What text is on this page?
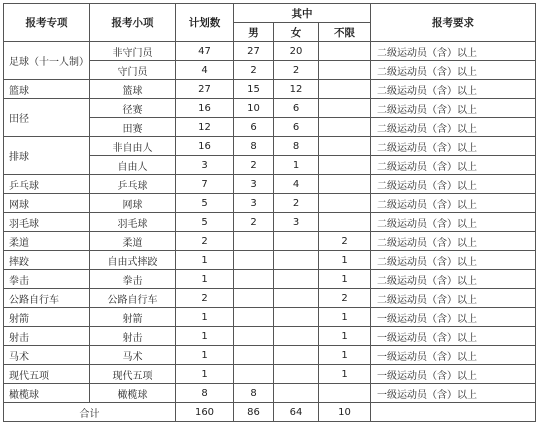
报考专项	报考小项	计划数	其中			报考要求
			男	女	不限	
足球（十一人制）	非守门员	47	27	20		二级运动员（含）以上
	守门员	4	2	2		二级运动员（含）以上
篮球	篮球	27	15	12		二级运动员（含）以上
田径	径赛	16	10	6		二级运动员（含）以上
	田赛	12	6	6		二级运动员（含）以上
排球	非自由人	16	8	8		二级运动员（含）以上
	自由人	3	2	1		二级运动员（含）以上
乒乓球	乒乓球	7	3	4		二级运动员（含）以上
网球	网球	5	3	2		二级运动员（含）以上
羽毛球	羽毛球	5	2	3		二级运动员（含）以上
柔道	柔道	2			2	二级运动员（含）以上
摔跤	自由式摔跤	1			1	二级运动员（含）以上
拳击	拳击	1			1	二级运动员（含）以上
公路自行车	公路自行车	2			2	二级运动员（含）以上
射箭	射箭	1			1	一级运动员（含）以上
射击	射击	1			1	一级运动员（含）以上
马术	马术	1			1	一级运动员（含）以上
现代五项	现代五项	1			1	一级运动员（含）以上
橄榄球	橄榄球	8	8			一级运动员（含）以上
合计		160	86	64	10	
